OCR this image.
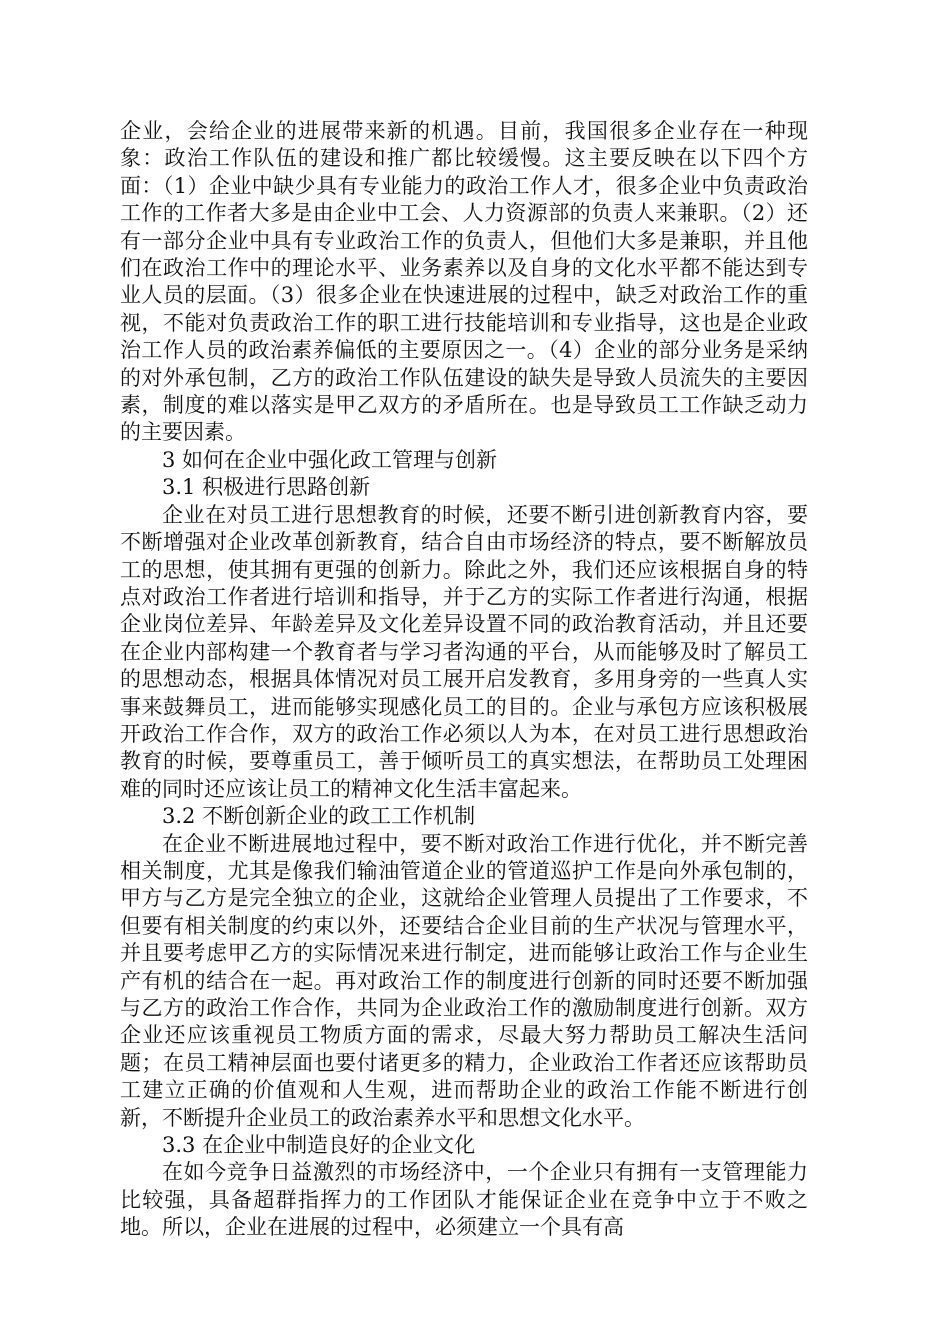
企业，会给企业的进展带来新的机遇。目前，我国很多企业存在一种现象：政治工作队伍的建设和推广都比较缓慢。这主要反映在以下四个方面：（1）企业中缺少具有专业能力的政治工作人才，很多企业中负责政治工作的工作者大多是由企业中工会、人力资源部的负责人来兼职。（2）还有一部分企业中具有专业政治工作的负责人，但他们大多是兼职，并且他们在政治工作中的理论水平、业务素养以及自身的文化水平都不能达到专业人员的层面。（3）很多企业在快速进展的过程中，缺乏对政治工作的重视，不能对负责政治工作的职工进行技能培训和专业指导，这也是企业政治工作人员的政治素养偏低的主要原因之一。（4）企业的部分业务是采纳的对外承包制，乙方的政治工作队伍建设的缺失是导致人员流失的主要因素，制度的难以落实是甲乙双方的矛盾所在。也是导致员工工作缺乏动力的主要因素。

3 如何在企业中强化政工管理与创新

3.1 积极进行思路创新

企业在对员工进行思想教育的时候，还要不断引进创新教育内容，要不断增强对企业改革创新教育，结合自由市场经济的特点，要不断解放员工的思想，使其拥有更强的创新力。除此之外，我们还应该根据自身的特点对政治工作者进行培训和指导，并于乙方的实际工作者进行沟通，根据企业岗位差异、年龄差异及文化差异设置不同的政治教育活动，并且还要在企业内部构建一个教育者与学习者沟通的平台，从而能够及时了解员工的思想动态，根据具体情况对员工展开启发教育，多用身旁的一些真人实事来鼓舞员工，进而能够实现感化员工的目的。企业与承包方应该积极展开政治工作合作，双方的政治工作必须以人为本，在对员工进行思想政治教育的时候，要尊重员工，善于倾听员工的真实想法，在帮助员工处理困难的同时还应该让员工的精神文化生活丰富起来。

3.2 不断创新企业的政工工作机制

在企业不断进展地过程中，要不断对政治工作进行优化，并不断完善相关制度，尤其是像我们输油管道企业的管道巡护工作是向外承包制的，甲方与乙方是完全独立的企业，这就给企业管理人员提出了工作要求，不但要有相关制度的约束以外，还要结合企业目前的生产状况与管理水平，并且要考虑甲乙方的实际情况来进行制定，进而能够让政治工作与企业生产有机的结合在一起。再对政治工作的制度进行创新的同时还要不断加强与乙方的政治工作合作，共同为企业政治工作的激励制度进行创新。双方企业还应该重视员工物质方面的需求，尽最大努力帮助员工解决生活问题；在员工精神层面也要付诸更多的精力，企业政治工作者还应该帮助员工建立正确的价值观和人生观，进而帮助企业的政治工作能不断进行创新，不断提升企业员工的政治素养水平和思想文化水平。

3.3 在企业中制造良好的企业文化

在如今竞争日益激烈的市场经济中，一个企业只有拥有一支管理能力比较强，具备超群指挥力的工作团队才能保证企业在竞争中立于不败之地。所以，企业在进展的过程中，必须建立一个具有高
